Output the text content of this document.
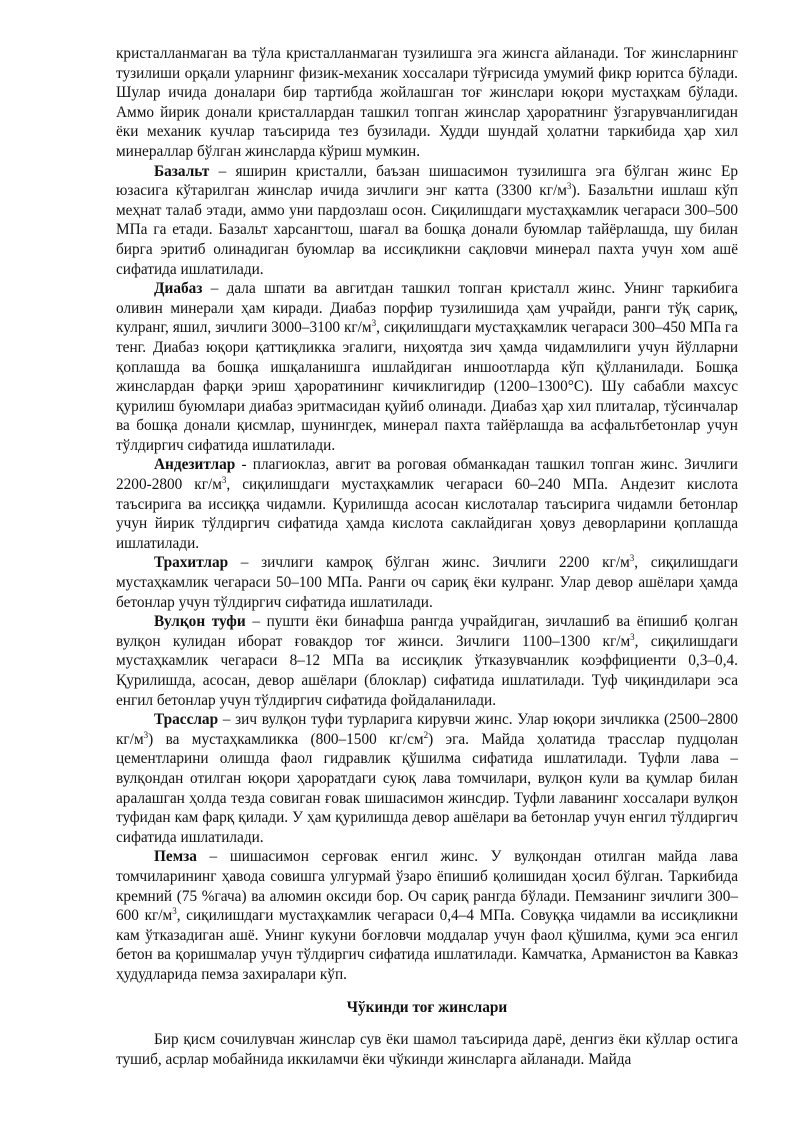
кристалланмаган ва тўла кристалланмаган тузилишга эга жинсга айланади. Тоғ жинсларнинг тузилиши орқали уларнинг физик-механик хоссалари тўғрисида умумий фикр юритса бўлади. Шулар ичида доналари бир тартибда жойлашган тоғ жинслари юқори мустаҳкам бўлади. Аммо йирик донали кристаллардан ташкил топган жинслар ҳароратнинг ўзгарувчанлигидан ёки механик кучлар таъсирида тез бузилади. Худди шундай ҳолатни таркибида ҳар хил минераллар бўлган жинсларда кўриш мумкин.

Базальт – яширин кристалли, баъзан шишасимон тузилишга эга бўлган жинс Ер юзасига кўтарилган жинслар ичида зичлиги энг катта (3300 $кг/м^3$). Базальтни ишлаш кўп меҳнат талаб этади, аммо уни пардозлаш осон. Сиқилишдаги мустаҳкамлик чегараси 300–500 МПа га етади. Базальт харсангтош, шағал ва бошқа донали буюмлар тайёрлашда, шу билан бирга эритиб олинадиган буюмлар ва иссиқликни сақловчи минерал пахта учун хом ашё сифатида ишлатилади.

Диабаз – дала шпати ва авгитдан ташкил топган кристалл жинс. Унинг таркибига оливин минерали ҳам киради. Диабаз порфир тузилишида ҳам учрайди, ранги тўқ сариқ, кулранг, яшил, зичлиги 3000–3100 $кг/м^3$, сиқилишдаги мустаҳкамлик чегараси 300–450 МПа га тенг. Диабаз юқори қаттиқликка эгалиги, ниҳоятда зич ҳамда чидамлилиги учун йўлларни қоплашда ва бошқа ишқаланишга ишлайдиган иншоотларда кўп қўлланилади. Бошқа жинслардан фарқи эриш ҳароратининг кичиклигидир (1200–1300°С). Шу сабабли махсус қурилиш буюмлари диабаз эритмасидан қуйиб олинади. Диабаз ҳар хил плиталар, тўсинчалар ва бошқа донали қисмлар, шунингдек, минерал пахта тайёрлашда ва асфальтбетонлар учун тўлдиргич сифатида ишлатилади.

Андезитлар - плагиоклаз, авгит ва роговая обманкадан ташкил топган жинс. Зичлиги 2200-2800 $кг/м^3$, сиқилишдаги мустаҳкамлик чегараси 60–240 МПа. Андезит кислота таъсирига ва иссиққа чидамли. Қурилишда асосан кислоталар таъсирига чидамли бетонлар учун йирик тўлдиргич сифатида ҳамда кислота саклайдиган ҳовуз деворларини қоплашда ишлатилади.

Трахитлар – зичлиги камроқ бўлган жинс. Зичлиги 2200 $кг/м^3$, сиқилишдаги мустаҳкамлик чегараси 50–100 МПа. Ранги оч сариқ ёки кулранг. Улар девор ашёлари ҳамда бетонлар учун тўлдиргич сифатида ишлатилади.

Вулқон туфи – пушти ёки бинафша рангда учрайдиган, зичлашиб ва ёпишиб қолган вулқон кулидан иборат ғовакдор тоғ жинси. Зичлиги 1100–1300 $кг/м^3$, сиқилишдаги мустаҳкамлик чегараси 8–12 МПа ва иссиқлик ўтказувчанлик коэффициенти 0,3–0,4. Қурилишда, асосан, девор ашёлари (блоклар) сифатида ишлатилади. Туф чиқиндилари эса енгил бетонлар учун тўлдиргич сифатида фойдаланилади.

Трасслар – зич вулқон туфи турларига кирувчи жинс. Улар юқори зичликка (2500–2800 $кг/м^3$) ва мустаҳкамликка (800–1500 $кг/см^2$) эга. Майда ҳолатида трасслар пудцолан цементларини олишда фаол гидравлик қўшилма сифатида ишлатилади. Туфли лава – вулқондан отилган юқори ҳароратдаги суюқ лава томчилари, вулқон кули ва қумлар билан аралашган ҳолда тезда совиган ғовак шишасимон жинсдир. Туфли лаванинг хоссалари вулқон туфидан кам фарқ қилади. У ҳам қурилишда девор ашёлари ва бетонлар учун енгил тўлдиргич сифатида ишлатилади.

Пемза – шишасимон серғовак енгил жинс. У вулқондан отилган майда лава томчиларининг ҳавода совишга улгурмай ўзаро ёпишиб қолишидан ҳосил бўлган. Таркибида кремний (75 %гача) ва алюмин оксиди бор. Оч сариқ рангда бўлади. Пемзанинг зичлиги 300–600 $кг/м^3$, сиқилишдаги мустаҳкамлик чегараси 0,4–4 МПа. Совуққа чидамли ва иссиқликни кам ўтказадиган ашё. Унинг кукуни боғловчи моддалар учун фаол қўшилма, қуми эса енгил бетон ва қоришмалар учун тўлдиргич сифатида ишлатилади. Камчатка, Арманистон ва Кавказ ҳудудларида пемза захиралари кўп.

Чўкинди тоғ жинслари

Бир қисм сочилувчан жинслар сув ёки шамол таъсирида дарё, денгиз ёки кўллар остига тушиб, асрлар мобайнида иккиламчи ёки чўкинди жинсларга айланади. Майда
